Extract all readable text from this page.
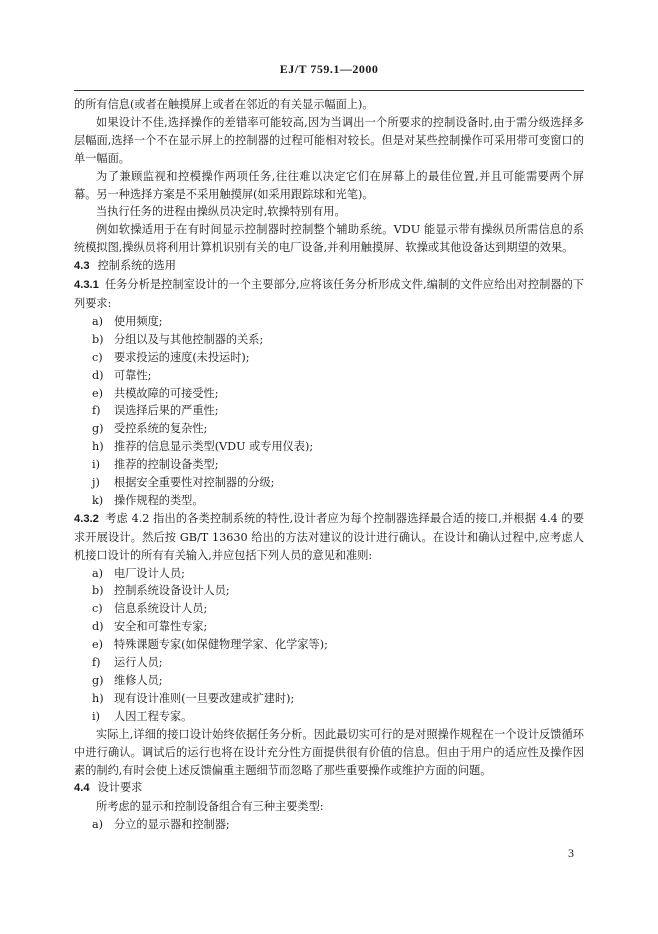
EJ/T 759.1—2000

的所有信息(或者在触摸屏上或者在邻近的有关显示幅面上)。

如果设计不佳,选择操作的差错率可能较高,因为当调出一个所要求的控制设备时,由于需分级选择多层幅面,选择一个不在显示屏上的控制器的过程可能相对较长。但是对某些控制操作可采用带可变窗口的单一幅面。

为了兼顾监视和控模操作两项任务,往往难以决定它们在屏幕上的最佳位置,并且可能需要两个屏幕。另一种选择方案是不采用触摸屏(如采用跟踪球和光笔)。

当执行任务的进程由操纵员决定时,软操特别有用。

例如软操适用于在有时间显示控制器时控制整个辅助系统。VDU 能显示带有操纵员所需信息的系统模拟图,操纵员将利用计算机识别有关的电厂设备,并利用触摸屏、软操或其他设备达到期望的效果。

4.3 控制系统的选用

4.3.1 任务分析是控制室设计的一个主要部分,应将该任务分析形成文件,编制的文件应给出对控制器的下列要求:

a) 使用频度;

b) 分组以及与其他控制器的关系;

c) 要求投运的速度(未投运时);

d) 可靠性;

e) 共模故障的可接受性;

f) 误选择后果的严重性;

g) 受控系统的复杂性;

h) 推荐的信息显示类型(VDU 或专用仪表);

i) 推荐的控制设备类型;

j) 根据安全重要性对控制器的分级;

k) 操作规程的类型。

4.3.2 考虑 4.2 指出的各类控制系统的特性,设计者应为每个控制器选择最合适的接口,并根据 4.4 的要求开展设计。然后按 GB/T 13630 给出的方法对建议的设计进行确认。在设计和确认过程中,应考虑人机接口设计的所有有关输入,并应包括下列人员的意见和准则:

a) 电厂设计人员;

b) 控制系统设备设计人员;

c) 信息系统设计人员;

d) 安全和可靠性专家;

e) 特殊课题专家(如保健物理学家、化学家等);

f) 运行人员;

g) 维修人员;

h) 现有设计准则(一旦要改建或扩建时);

i) 人因工程专家。

实际上,详细的接口设计始终依据任务分析。因此最切实可行的是对照操作规程在一个设计反馈循环中进行确认。调试后的运行也将在设计充分性方面提供很有价值的信息。但由于用户的适应性及操作因素的制约,有时会使上述反馈偏重主题细节而忽略了那些重要操作或维护方面的问题。

4.4 设计要求

所考虑的显示和控制设备组合有三种主要类型:

a) 分立的显示器和控制器;

3
